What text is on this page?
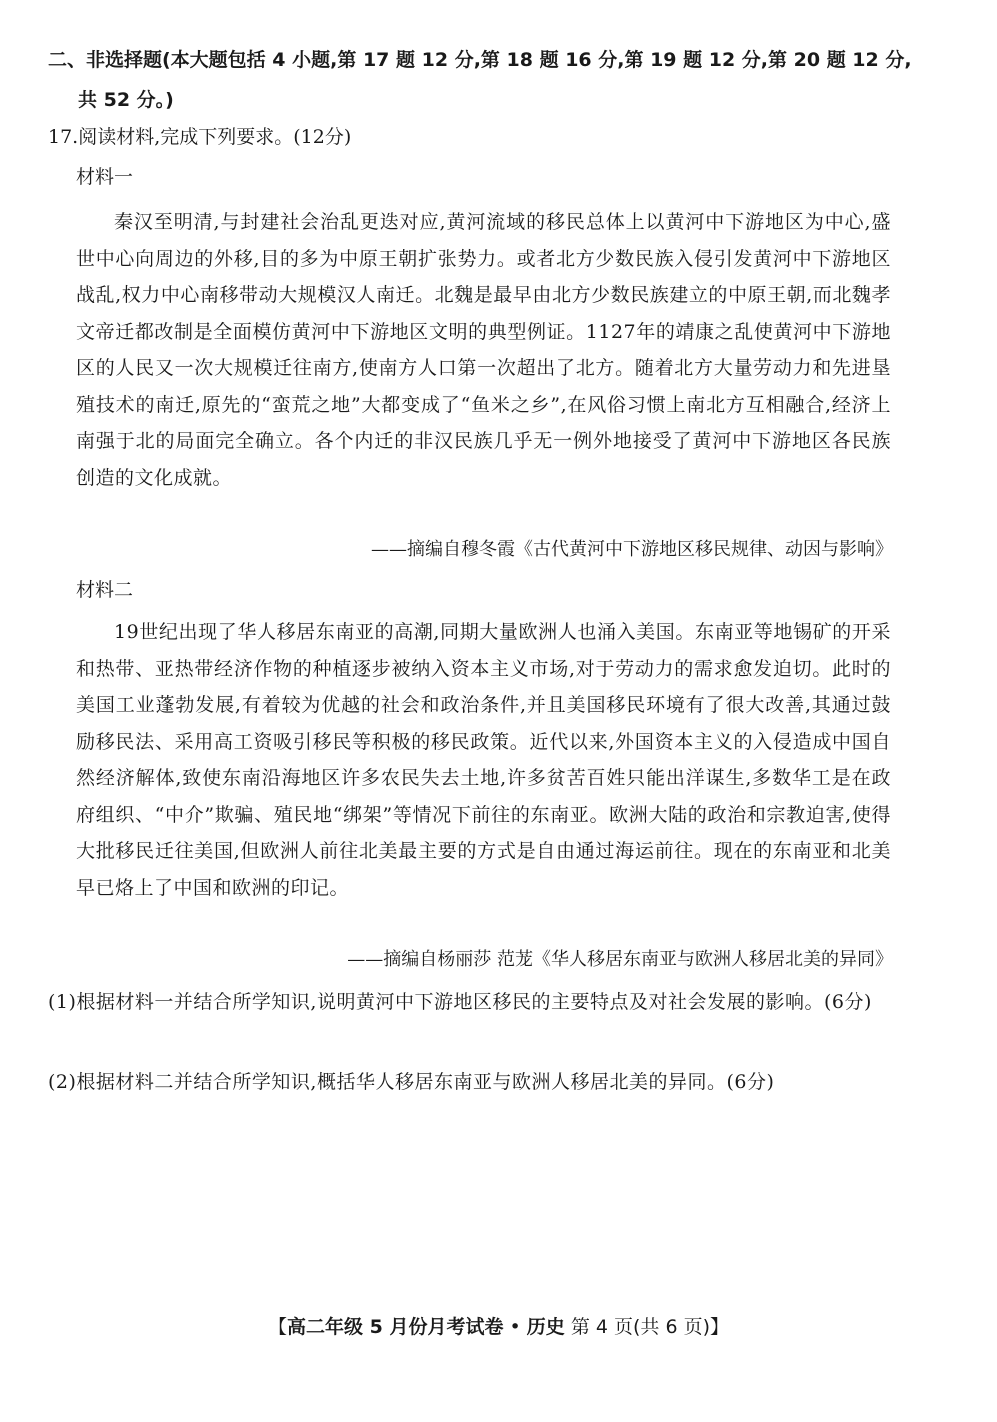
二、非选择题(本大题包括 4 小题,第 17 题 12 分,第 18 题 16 分,第 19 题 12 分,第 20 题 12 分,
共 52 分。)
17.阅读材料,完成下列要求。(12分)
材料一
秦汉至明清,与封建社会治乱更迭对应,黄河流域的移民总体上以黄河中下游地区为中心,盛世中心向周边的外移,目的多为中原王朝扩张势力。或者北方少数民族入侵引发黄河中下游地区战乱,权力中心南移带动大规模汉人南迁。北魏是最早由北方少数民族建立的中原王朝,而北魏孝文帝迁都改制是全面模仿黄河中下游地区文明的典型例证。1127年的靖康之乱使黄河中下游地区的人民又一次大规模迁往南方,使南方人口第一次超出了北方。随着北方大量劳动力和先进垦殖技术的南迁,原先的“蛮荒之地”大都变成了“鱼米之乡”,在风俗习惯上南北方互相融合,经济上南强于北的局面完全确立。各个内迁的非汉民族几乎无一例外地接受了黄河中下游地区各民族创造的文化成就。
——摘编自穆冬霞《古代黄河中下游地区移民规律、动因与影响》
材料二
19世纪出现了华人移居东南亚的高潮,同期大量欧洲人也涌入美国。东南亚等地锡矿的开采和热带、亚热带经济作物的种植逐步被纳入资本主义市场,对于劳动力的需求愈发迫切。此时的美国工业蓬勃发展,有着较为优越的社会和政治条件,并且美国移民环境有了很大改善,其通过鼓励移民法、采用高工资吸引移民等积极的移民政策。近代以来,外国资本主义的入侵造成中国自然经济解体,致使东南沿海地区许多农民失去土地,许多贫苦百姓只能出洋谋生,多数华工是在政府组织、“中介”欺骗、殖民地“绑架”等情况下前往的东南亚。欧洲大陆的政治和宗教迫害,使得大批移民迁往美国,但欧洲人前往北美最主要的方式是自由通过海运前往。现在的东南亚和北美早已烙上了中国和欧洲的印记。
——摘编自杨丽莎 范茏《华人移居东南亚与欧洲人移居北美的异同》
(1)根据材料一并结合所学知识,说明黄河中下游地区移民的主要特点及对社会发展的影响。(6分)
(2)根据材料二并结合所学知识,概括华人移居东南亚与欧洲人移居北美的异同。(6分)
【高二年级 5 月份月考试卷 • 历史 第 4 页(共 6 页)】
